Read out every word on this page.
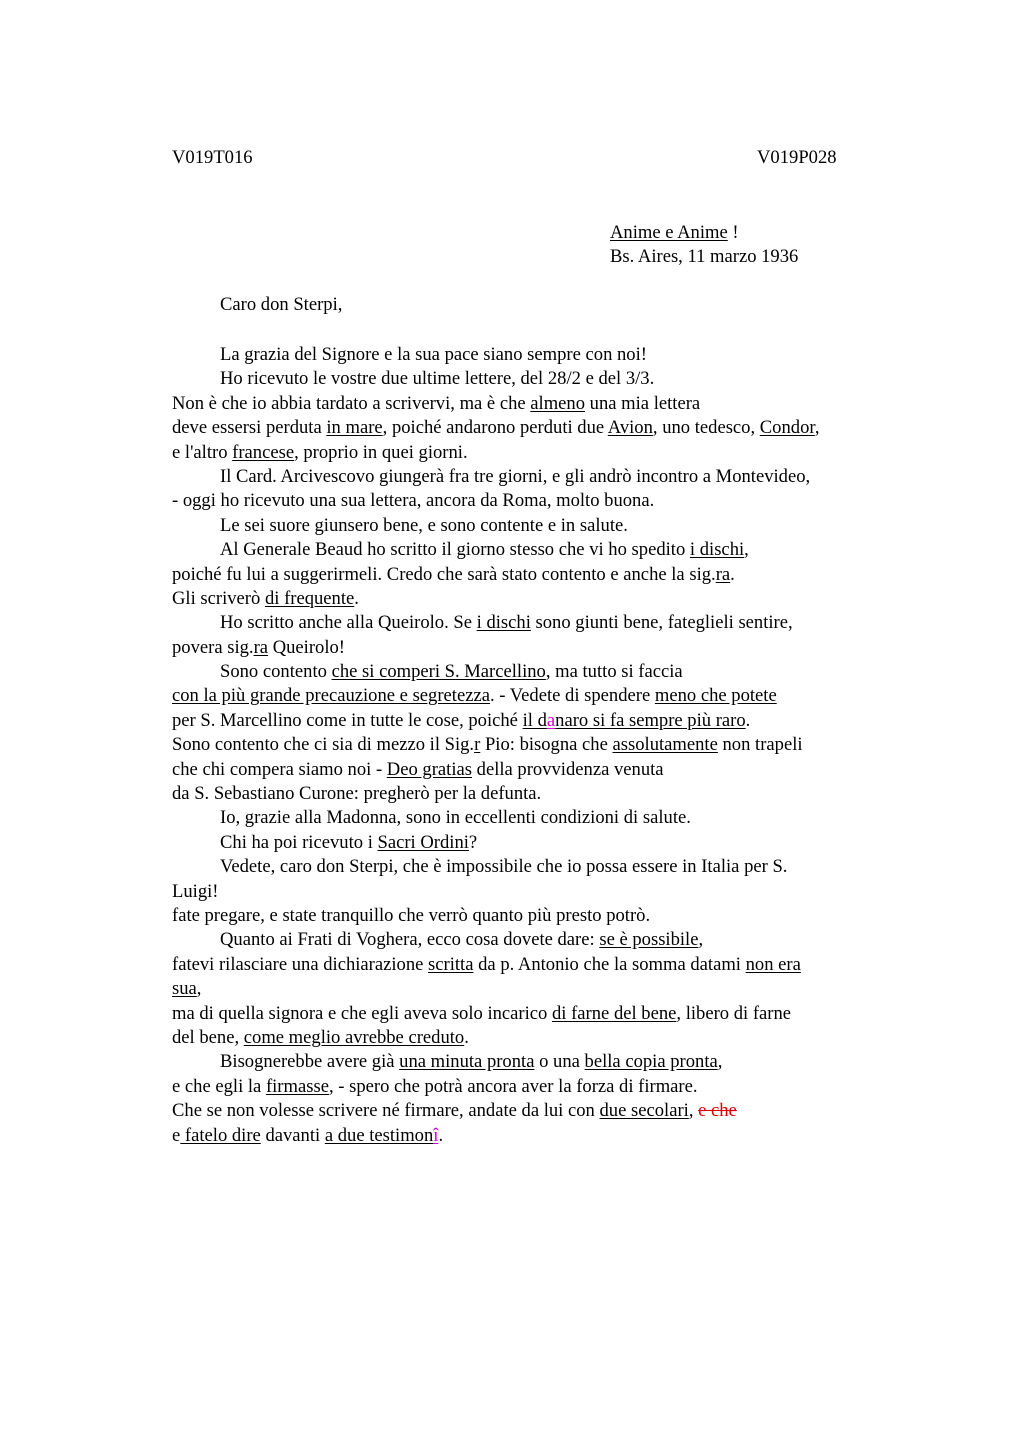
V019T016	V019P028
Anime e Anime !
Bs. Aires, 11 marzo 1936
Caro don Sterpi,
La grazia del Signore e la sua pace siano sempre con noi!
Ho ricevuto le vostre due ultime lettere, del 28/2 e del 3/3.
Non è che io abbia tardato a scrivervi, ma è che almeno una mia lettera
deve essersi perduta in mare, poiché andarono perduti due Avion, uno tedesco, Condor,
e l'altro francese, proprio in quei giorni.
Il Card. Arcivescovo giungerà fra tre giorni, e gli andrò incontro a Montevideo,
- oggi ho ricevuto una sua lettera, ancora da Roma, molto buona.
Le sei suore giunsero bene, e sono contente e in salute.
Al Generale Beaud ho scritto il giorno stesso che vi ho spedito i dischi,
poiché fu lui a suggerirmeli. Credo che sarà stato contento e anche la sig.ra.
Gli scriverò di frequente.
Ho scritto anche alla Queirolo. Se i dischi sono giunti bene, fateglieli sentire,
povera sig.ra Queirolo!
Sono contento che si comperi S. Marcellino, ma tutto si faccia
con la più grande precauzione e segretezza. - Vedete di spendere meno che potete
per S. Marcellino come in tutte le cose, poiché il danaro si fa sempre più raro.
Sono contento che ci sia di mezzo il Sig.r Pio: bisogna che assolutamente non trapeli
che chi compera siamo noi - Deo gratias della provvidenza venuta
da S. Sebastiano Curone: pregherò per la defunta.
Io, grazie alla Madonna, sono in eccellenti condizioni di salute.
Chi ha poi ricevuto i Sacri Ordini?
Vedete, caro don Sterpi, che è impossibile che io possa essere in Italia per S.
Luigi!
fate pregare, e state tranquillo che verrò quanto più presto potrò.
Quanto ai Frati di Voghera, ecco cosa dovete dare: se è possibile,
fatevi rilasciare una dichiarazione scritta da p. Antonio che la somma datami non era
sua,
ma di quella signora e che egli aveva solo incarico di farne del bene, libero di farne
del bene, come meglio avrebbe creduto.
Bisognerebbe avere già una minuta pronta o una bella copia pronta,
e che egli la firmasse, - spero che potrà ancora aver la forza di firmare.
Che se non volesse scrivere né firmare, andate da lui con due secolari, e che
e fatelo dire davanti a due testimonî.
